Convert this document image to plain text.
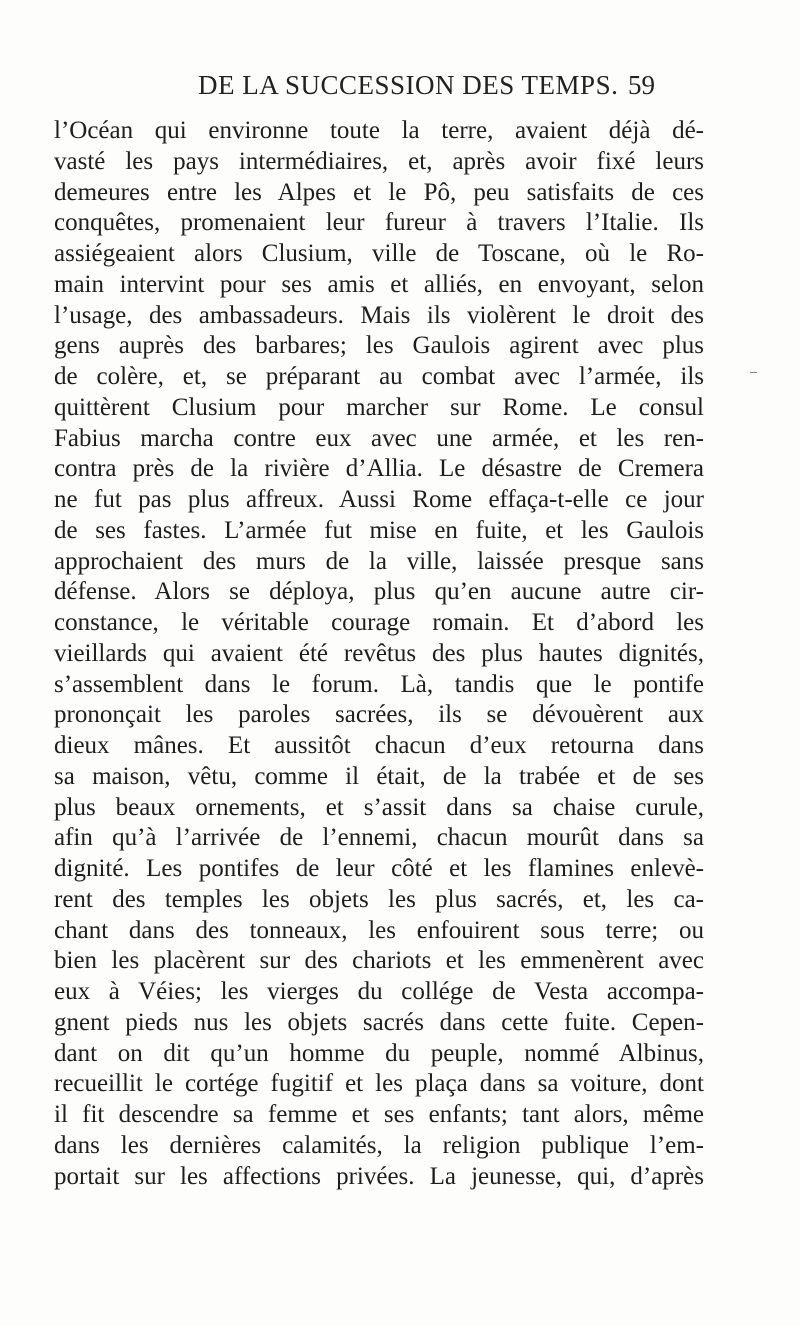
DE LA SUCCESSION DES TEMPS. 59
l’Océan qui environne toute la terre, avaient déjà dé-
vasté les pays intermédiaires, et, après avoir fixé leurs
demeures entre les Alpes et le Pô, peu satisfaits de ces
conquêtes, promenaient leur fureur à travers l’Italie. Ils
assiégeaient alors Clusium, ville de Toscane, où le Ro-
main intervint pour ses amis et alliés, en envoyant, selon
l’usage, des ambassadeurs. Mais ils violèrent le droit des
gens auprès des barbares; les Gaulois agirent avec plus
de colère, et, se préparant au combat avec l’armée, ils
quittèrent Clusium pour marcher sur Rome. Le consul
Fabius marcha contre eux avec une armée, et les ren-
contra près de la rivière d’Allia. Le désastre de Cremera
ne fut pas plus affreux. Aussi Rome effaça-t-elle ce jour
de ses fastes. L’armée fut mise en fuite, et les Gaulois
approchaient des murs de la ville, laissée presque sans
défense. Alors se déploya, plus qu’en aucune autre cir-
constance, le véritable courage romain. Et d’abord les
vieillards qui avaient été revêtus des plus hautes dignités,
s’assemblent dans le forum. Là, tandis que le pontife
prononçait les paroles sacrées, ils se dévouèrent aux
dieux mânes. Et aussitôt chacun d’eux retourna dans
sa maison, vêtu, comme il était, de la trabée et de ses
plus beaux ornements, et s’assit dans sa chaise curule,
afin qu’à l’arrivée de l’ennemi, chacun mourût dans sa
dignité. Les pontifes de leur côté et les flamines enlevè-
rent des temples les objets les plus sacrés, et, les ca-
chant dans des tonneaux, les enfouirent sous terre; ou
bien les placèrent sur des chariots et les emmenèrent avec
eux à Véies; les vierges du collége de Vesta accompa-
gnent pieds nus les objets sacrés dans cette fuite. Cepen-
dant on dit qu’un homme du peuple, nommé Albinus,
recueillit le cortége fugitif et les plaça dans sa voiture, dont
il fit descendre sa femme et ses enfants; tant alors, même
dans les dernières calamités, la religion publique l’em-
portait sur les affections privées. La jeunesse, qui, d’après
